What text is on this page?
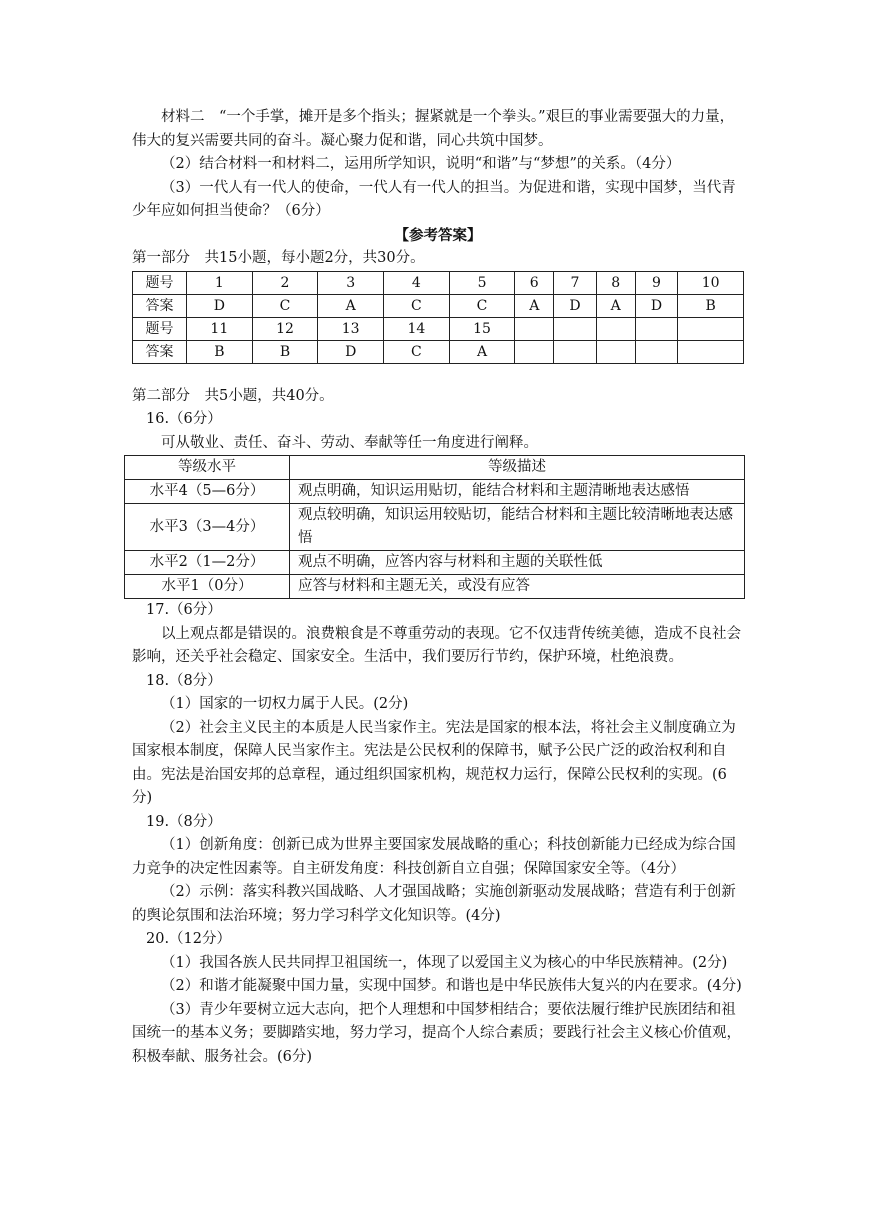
材料二　“一个手掌，摊开是多个指头；握紧就是一个拳头。”艰巨的事业需要强大的力量，伟大的复兴需要共同的奋斗。凝心聚力促和谐，同心共筑中国梦。

（2）结合材料一和材料二，运用所学知识，说明“和谐”与“梦想”的关系。（4分）

（3）一代人有一代人的使命，一代人有一代人的担当。为促进和谐，实现中国梦，当代青少年应如何担当使命？（6分）

【参考答案】

第一部分　共15小题，每小题2分，共30分。

题号	1	2	3	4	5	6	7	8	9	10
答案	D	C	A	C	C	A	D	A	D	B
题号	11	12	13	14	15					
答案	B	B	D	C	A					

第二部分　共5小题，共40分。

16.（6分）

可从敬业、责任、奋斗、劳动、奉献等任一角度进行阐释。

等级水平	等级描述
水平4（5—6分）	观点明确，知识运用贴切，能结合材料和主题清晰地表达感悟
水平3（3—4分）	观点较明确，知识运用较贴切，能结合材料和主题比较清晰地表达感悟
水平2（1—2分）	观点不明确，应答内容与材料和主题的关联性低
水平1（0分）	应答与材料和主题无关，或没有应答

17.（6分）

以上观点都是错误的。浪费粮食是不尊重劳动的表现。它不仅违背传统美德，造成不良社会影响，还关乎社会稳定、国家安全。生活中，我们要厉行节约，保护环境，杜绝浪费。

18.（8分）

（1）国家的一切权力属于人民。(2分)

（2）社会主义民主的本质是人民当家作主。宪法是国家的根本法，将社会主义制度确立为国家根本制度，保障人民当家作主。宪法是公民权利的保障书，赋予公民广泛的政治权利和自由。宪法是治国安邦的总章程，通过组织国家机构，规范权力运行，保障公民权利的实现。(6分)

19.（8分）

（1）创新角度：创新已成为世界主要国家发展战略的重心；科技创新能力已经成为综合国力竞争的决定性因素等。自主研发角度：科技创新自立自强；保障国家安全等。（4分）

（2）示例：落实科教兴国战略、人才强国战略；实施创新驱动发展战略；营造有利于创新的舆论氛围和法治环境；努力学习科学文化知识等。(4分)

20.（12分）

（1）我国各族人民共同捍卫祖国统一，体现了以爱国主义为核心的中华民族精神。(2分)

（2）和谐才能凝聚中国力量，实现中国梦。和谐也是中华民族伟大复兴的内在要求。(4分)

（3）青少年要树立远大志向，把个人理想和中国梦相结合；要依法履行维护民族团结和祖国统一的基本义务；要脚踏实地，努力学习，提高个人综合素质；要践行社会主义核心价值观，积极奉献、服务社会。(6分)
